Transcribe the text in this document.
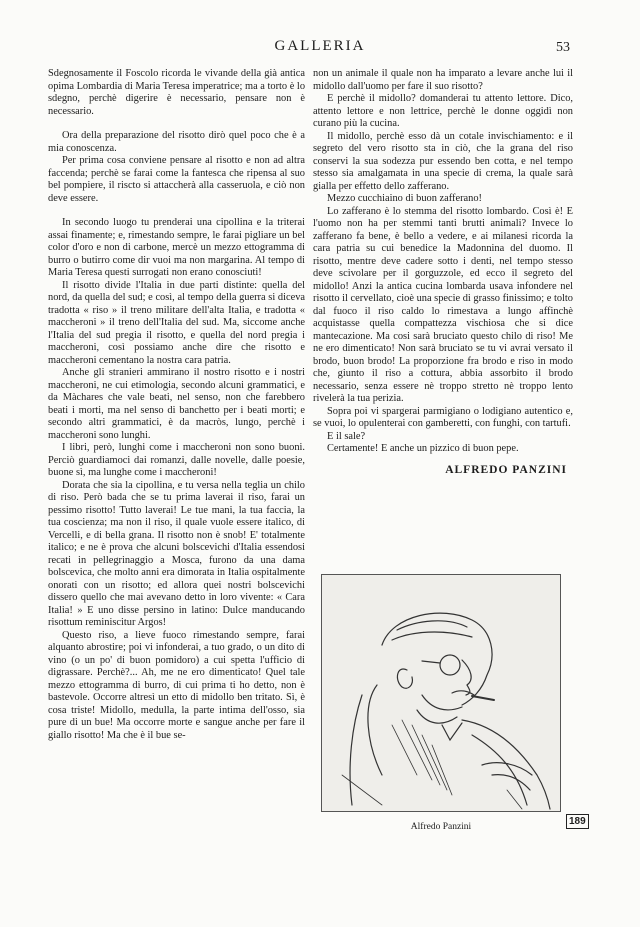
GALLERIA	53

Sdegnosamente il Foscolo ricorda le vivande della già antica opima Lombardia di Maria Teresa imperatrice; ma a torto è lo sdegno, perchè digerire è necessario, pensare non è necessario.

Ora della preparazione del risotto dirò quel poco che è a mia conoscenza.

Per prima cosa conviene pensare al risotto e non ad altra faccenda; perchè se farai come la fantesca che ripensa al suo bel pompiere, il riscto si attaccherà alla casseruola, e ciò non deve essere.

In secondo luogo tu prenderai una cipollina e la triterai assai finamente; e, rimestando sempre, le farai pigliare un bel color d'oro e non di carbone, mercè un mezzo ettogramma di burro o butirro come dir vuoi ma non margarina. Al tempo di Maria Teresa questi surrogati non erano conosciuti!

Il risotto divide l'Italia in due parti distinte: quella del nord, da quella del sud; e così, al tempo della guerra si diceva tradotta « riso » il treno militare dell'alta Italia, e tradotta « maccheroni » il treno dell'Italia del sud. Ma, siccome anche l'Italia del sud pregia il risotto, e quella del nord pregia i maccheroni, così possiamo anche dire che risotto e maccheroni cementano la nostra cara patria.

Anche gli stranieri ammirano il nostro risotto e i nostri maccheroni, ne cui etimologia, secondo alcuni grammatici, e da Màchares che vale beati, nel senso, non che farebbero beati i morti, ma nel senso di banchetto per i beati morti; e secondo altri grammatici, è da macròs, lungo, perchè i maccheroni sono lunghi.

I libri, però, lunghi come i maccheroni non sono buoni. Perciò guardiamoci dai romanzi, dalle novelle, dalle poesie, buone sì, ma lunghe come i maccheroni!

Dorata che sia la cipollina, e tu versa nella teglia un chilo di riso. Però bada che se tu prima laverai il riso, farai un pessimo risotto! Tutto laverai! Le tue mani, la tua faccia, la tua coscienza; ma non il riso, il quale vuole essere italico, di Vercelli, e di bella grana. Il risotto non è snob! E' totalmente italico; e ne è prova che alcuni bolscevichi d'Italia essendosi recati in pellegrinaggio a Mosca, furono da una dama bolscevica, che molto anni era dimorata in Italia ospitalmente onorati con un risotto; ed allora quei nostri bolscevichi dissero quello che mai avevano detto in loro vivente: « Cara Italia! » E uno disse persino in latino: Dulce manducando risottum reminiscitur Argos!

Questo riso, a lieve fuoco rimestando sempre, farai alquanto abrostire; poi vi infonderai, a tuo grado, o un dito di vino (o un po' di buon pomidoro) a cui spetta l'ufficio di digrassare. Perchè?... Ah, me ne ero dimenticato! Quel tale mezzo ettogramma di burro, di cui prima ti ho detto, non è bastevole. Occorre altresì un etto di midollo ben tritato. Sì, è cosa triste! Midollo, medulla, la parte intima dell'osso, sia pure di un bue! Ma occorre morte e sangue anche per fare il giallo risotto! Ma che è il bue se-

non un animale il quale non ha imparato a levare anche lui il midollo dall'uomo per fare il suo risotto?

E perchè il midollo? domanderai tu attento lettore. Dico, attento lettore e non lettrice, perchè le donne oggidì non curano più la cucina.

Il midollo, perchè esso dà un cotale invischiamento: e il segreto del vero risotto sta in ciò, che la grana del riso conservi la sua sodezza pur essendo ben cotta, e nel tempo stesso sia amalgamata in una specie di crema, la quale sarà gialla per effetto dello zafferano.

Mezzo cucchiaino di buon zafferano!

Lo zafferano è lo stemma del risotto lombardo. Così è! E l'uomo non ha per stemmi tanti brutti animali? Invece lo zafferano fa bene, è bello a vedere, e ai milanesi ricorda la cara patria su cui benedice la Madonnina del duomo. Il risotto, mentre deve cadere sotto i denti, nel tempo stesso deve scivolare per il gorguzzole, ed ecco il segreto del midollo! Anzi la antica cucina lombarda usava infondere nel risotto il cervellato, cioè una specie di grasso finissimo; e tolto dal fuoco il riso caldo lo rimestava a lungo affinchè acquistasse quella compattezza vischiosa che si dice mantecazione. Ma cosi sarà bruciato questo chilo di riso! Me ne ero dimenticato! Non sarà bruciato se tu vi avrai versato il brodo, buon brodo! La proporzione fra brodo e riso in modo che, giunto il riso a cottura, abbia assorbito il brodo necessario, senza essere nè troppo stretto nè troppo lento rivelerà la tua perizia.

Sopra poi vi spargerai parmigiano o lodigiano autentico e, se vuoi, lo opulenterai con gamberetti, con funghi, con tartufi.

E il sale?

Certamente! E anche un pizzico di buon pepe.

ALFREDO PANZINI
Alfredo Panzini	189
